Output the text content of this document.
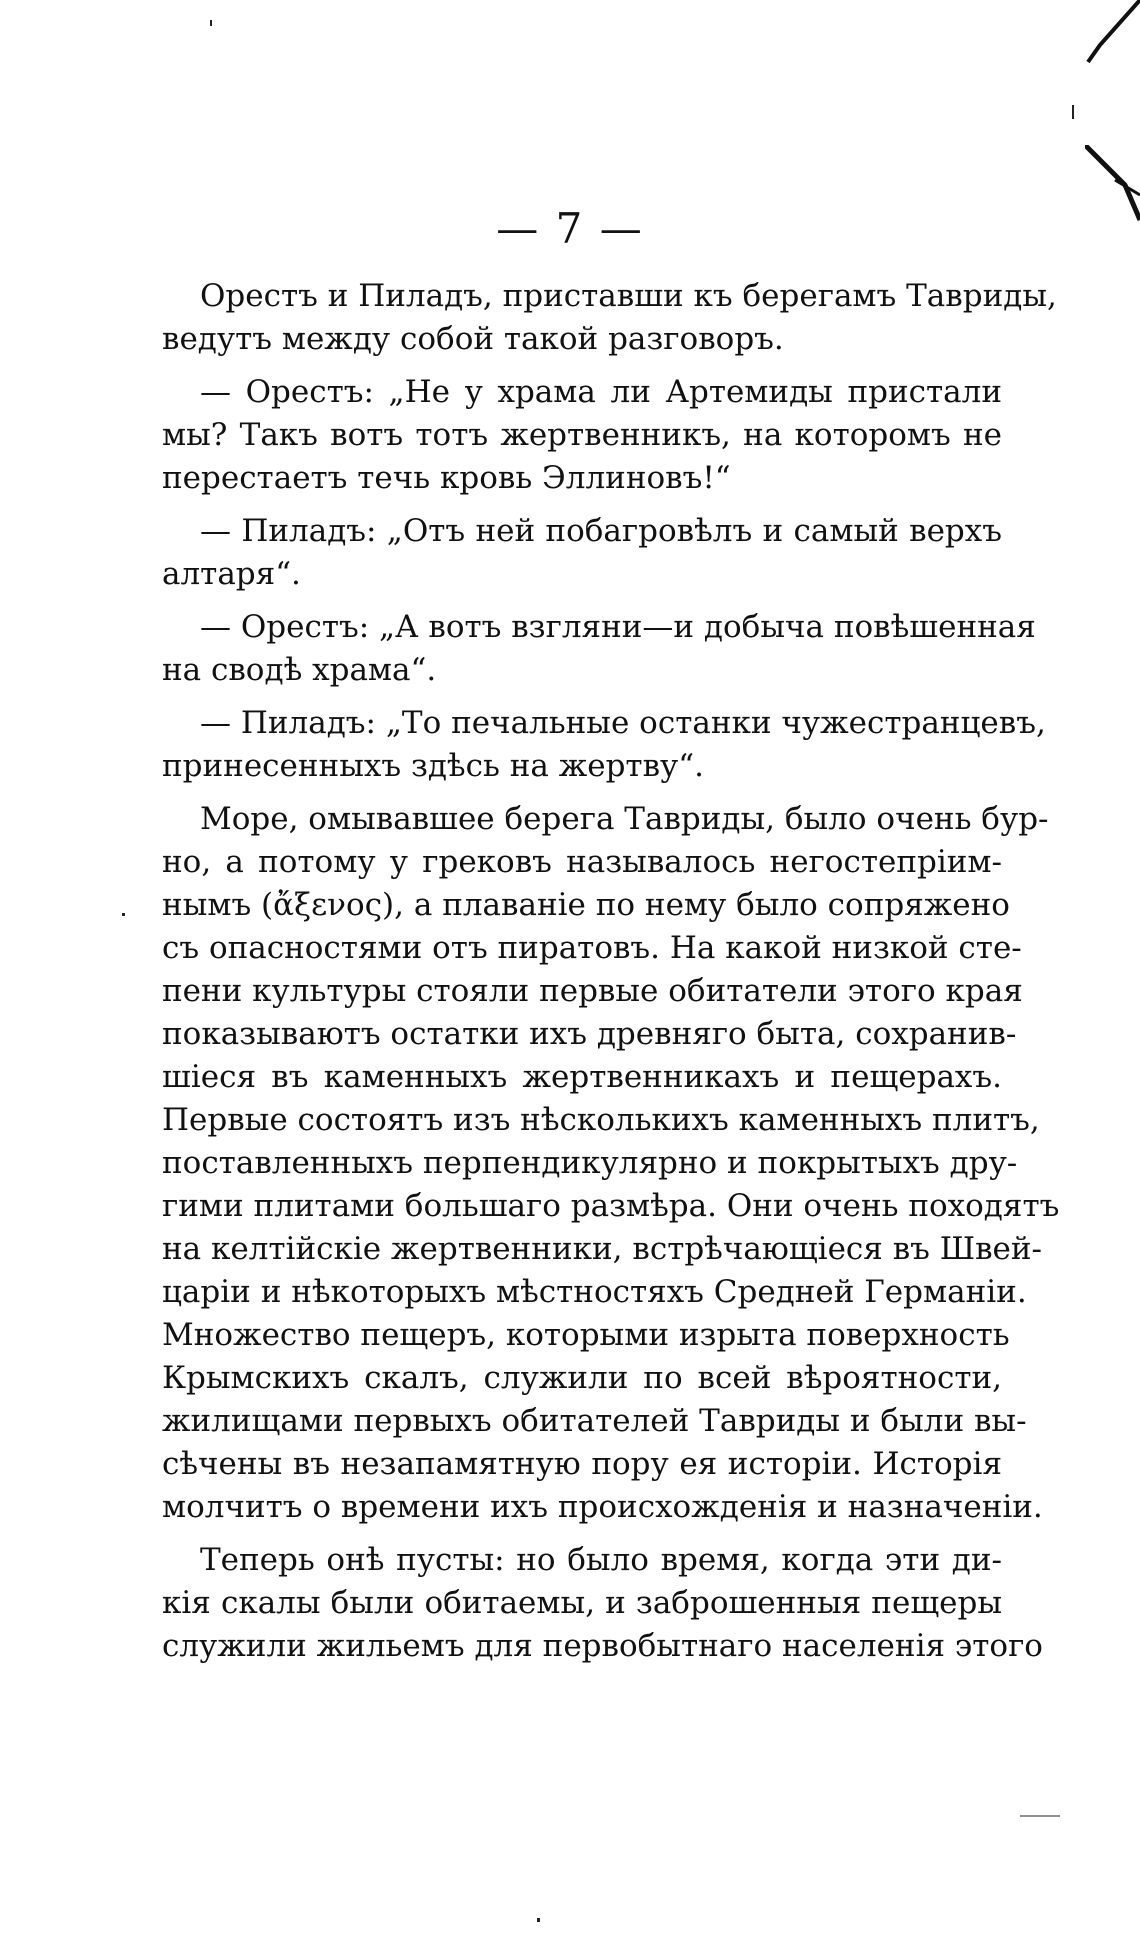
— 7 —
Орестъ и Пиладъ, приставши къ берегамъ Тавриды,
ведутъ между собой такой разговоръ.
— Орестъ: „Не у храма ли Артемиды пристали
мы? Такъ вотъ тотъ жертвенникъ, на которомъ не
перестаетъ течь кровь Эллиновъ!“
— Пиладъ: „Отъ ней побагровѣлъ и самый верхъ
алтаря“.
— Орестъ: „А вотъ взгляни—и добыча повѣшенная
на сводѣ храма“.
— Пиладъ: „То печальные останки чужестранцевъ,
принесенныхъ здѣсь на жертву“.
Море, омывавшее берега Тавриды, было очень бур-
но, а потому у грековъ называлось негостепріим-
нымъ (ἄξενος), а плаваніе по нему было сопряжено
съ опасностями отъ пиратовъ. На какой низкой сте-
пени культуры стояли первые обитатели этого края
показываютъ остатки ихъ древняго быта, сохранив-
шіеся въ каменныхъ жертвенникахъ и пещерахъ.
Первые состоятъ изъ нѣсколькихъ каменныхъ плитъ,
поставленныхъ перпендикулярно и покрытыхъ дру-
гими плитами большаго размѣра. Они очень походятъ
на келтійскіе жертвенники, встрѣчающіеся въ Швей-
царіи и нѣкоторыхъ мѣстностяхъ Средней Германіи.
Множество пещеръ, которыми изрыта поверхность
Крымскихъ скалъ, служили по всей вѣроятности,
жилищами первыхъ обитателей Тавриды и были вы-
сѣчены въ незапамятную пору ея исторіи. Исторія
молчитъ о времени ихъ происхожденія и назначеніи.
Теперь онѣ пусты: но было время, когда эти ди-
кія скалы были обитаемы, и заброшенныя пещеры
служили жильемъ для первобытнаго населенія этого
